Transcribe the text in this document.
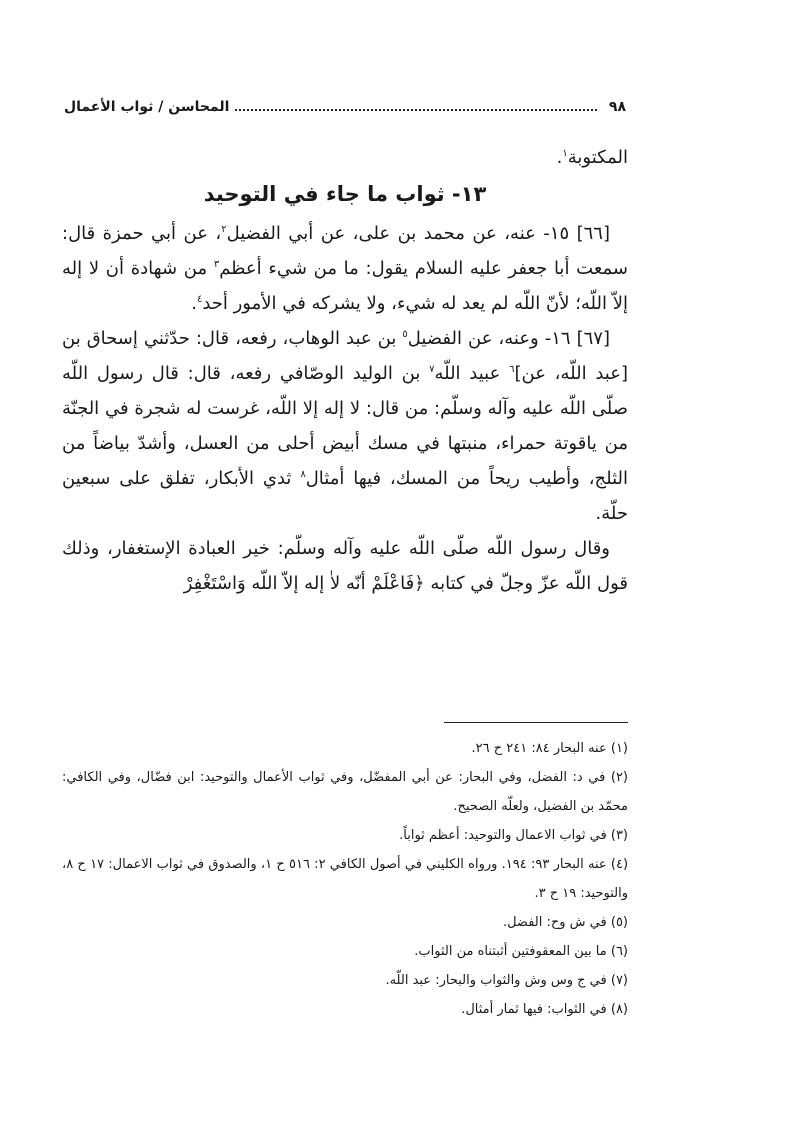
٩٨
المحاسن / ثواب الأعمال

المكتوبة$^١$.

١٣- ثواب ما جاء في التوحيد

[٦٦] ١٥- عنه، عن محمد بن على، عن أبي الفضيل$^٢$، عن أبي حمزة قال: سمعت أبا جعفر عليه السلام يقول: ما من شيء أعظم$^٣$ من شهادة أن لا إله إلاّ اللّه؛ لأنّ اللّه لم يعد له شيء، ولا يشركه في الأمور أحد$^٤$.

[٦٧] ١٦- وعنه، عن الفضيل$^٥$ بن عبد الوهاب، رفعه، قال: حدّثني إسحاق بن [عبد اللّه، عن]$^٦$ عبيد اللّه$^٧$ بن الوليد الوصّافي رفعه، قال: قال رسول اللّه صلّى اللّه عليه وآله وسلّم: من قال: لا إله إلا اللّه، غرست له شجرة في الجنّة من ياقوتة حمراء، منبتها في مسك أبيض أحلى من العسل، وأشدّ بياضاً من الثلج، وأطيب ريحاً من المسك، فيها أمثال$^٨$ ثدي الأبكار، تفلق على سبعين حلّة.

وقال رسول اللّه صلّى اللّه عليه وآله وسلّم: خير العبادة الإستغفار، وذلك قول اللّه عزّ وجلّ في كتابه ﴿فَاعْلَمْ أنّه لاٰ إله إلاّ اللّه وَاسْتَغْفِرْ

(١) عنه البحار ٨٤: ٢٤١ ح ٢٦.

(٢) في د: الفضل، وفي البحار: عن أبي المفضّل، وفي ثواب الأعمال والتوحيد: ابن فضّال، وفي الكافي: محمّد بن الفضيل، ولعلّه الصحيح.

(٣) في ثواب الاعمال والتوحيد: أعظم ثواباً.

(٤) عنه البحار ٩٣: ١٩٤. ورواه الكليني في أصول الكافي ٢: ٥١٦ ح ١، والصدوق في ثواب الاعمال: ١٧ ح ٨، والتوحيد: ١٩ ح ٣.

(٥) في ش وح: الفضل.

(٦) ما بين المعقوفتين أثبتناه من الثواب.

(٧) في ج وس وش والثواب والبحار: عبد اللّه.

(٨) في الثواب: فيها ثمار أمثال.
